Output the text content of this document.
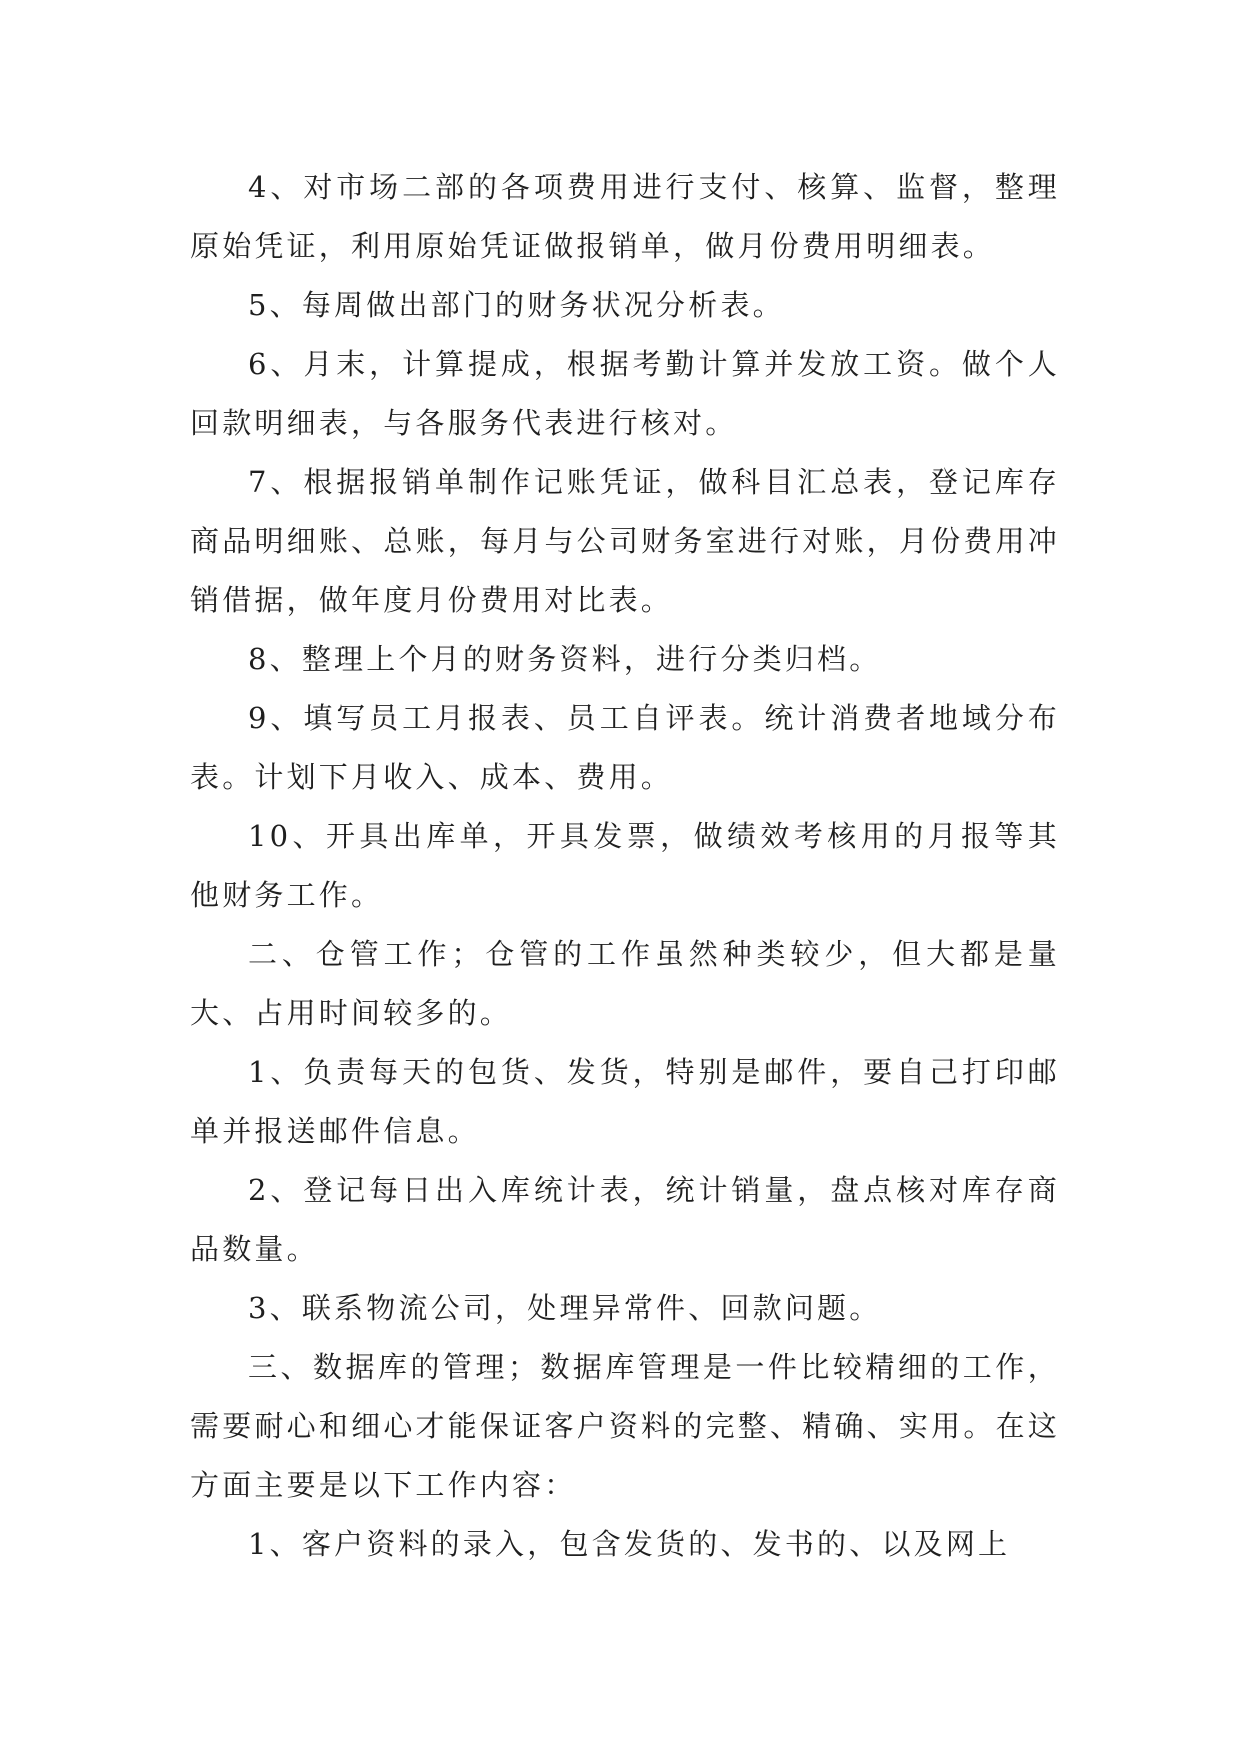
4、对市场二部的各项费用进行支付、核算、监督，整理原始凭证，利用原始凭证做报销单，做月份费用明细表。

5、每周做出部门的财务状况分析表。

6、月末，计算提成，根据考勤计算并发放工资。做个人回款明细表，与各服务代表进行核对。

7、根据报销单制作记账凭证，做科目汇总表，登记库存商品明细账、总账，每月与公司财务室进行对账，月份费用冲销借据，做年度月份费用对比表。

8、整理上个月的财务资料，进行分类归档。

9、填写员工月报表、员工自评表。统计消费者地域分布表。计划下月收入、成本、费用。

10、开具出库单，开具发票，做绩效考核用的月报等其他财务工作。

二、仓管工作；仓管的工作虽然种类较少，但大都是量大、占用时间较多的。

1、负责每天的包货、发货，特别是邮件，要自己打印邮单并报送邮件信息。

2、登记每日出入库统计表，统计销量，盘点核对库存商品数量。

3、联系物流公司，处理异常件、回款问题。

三、数据库的管理；数据库管理是一件比较精细的工作，需要耐心和细心才能保证客户资料的完整、精确、实用。在这方面主要是以下工作内容：

1、客户资料的录入，包含发货的、发书的、以及网上
